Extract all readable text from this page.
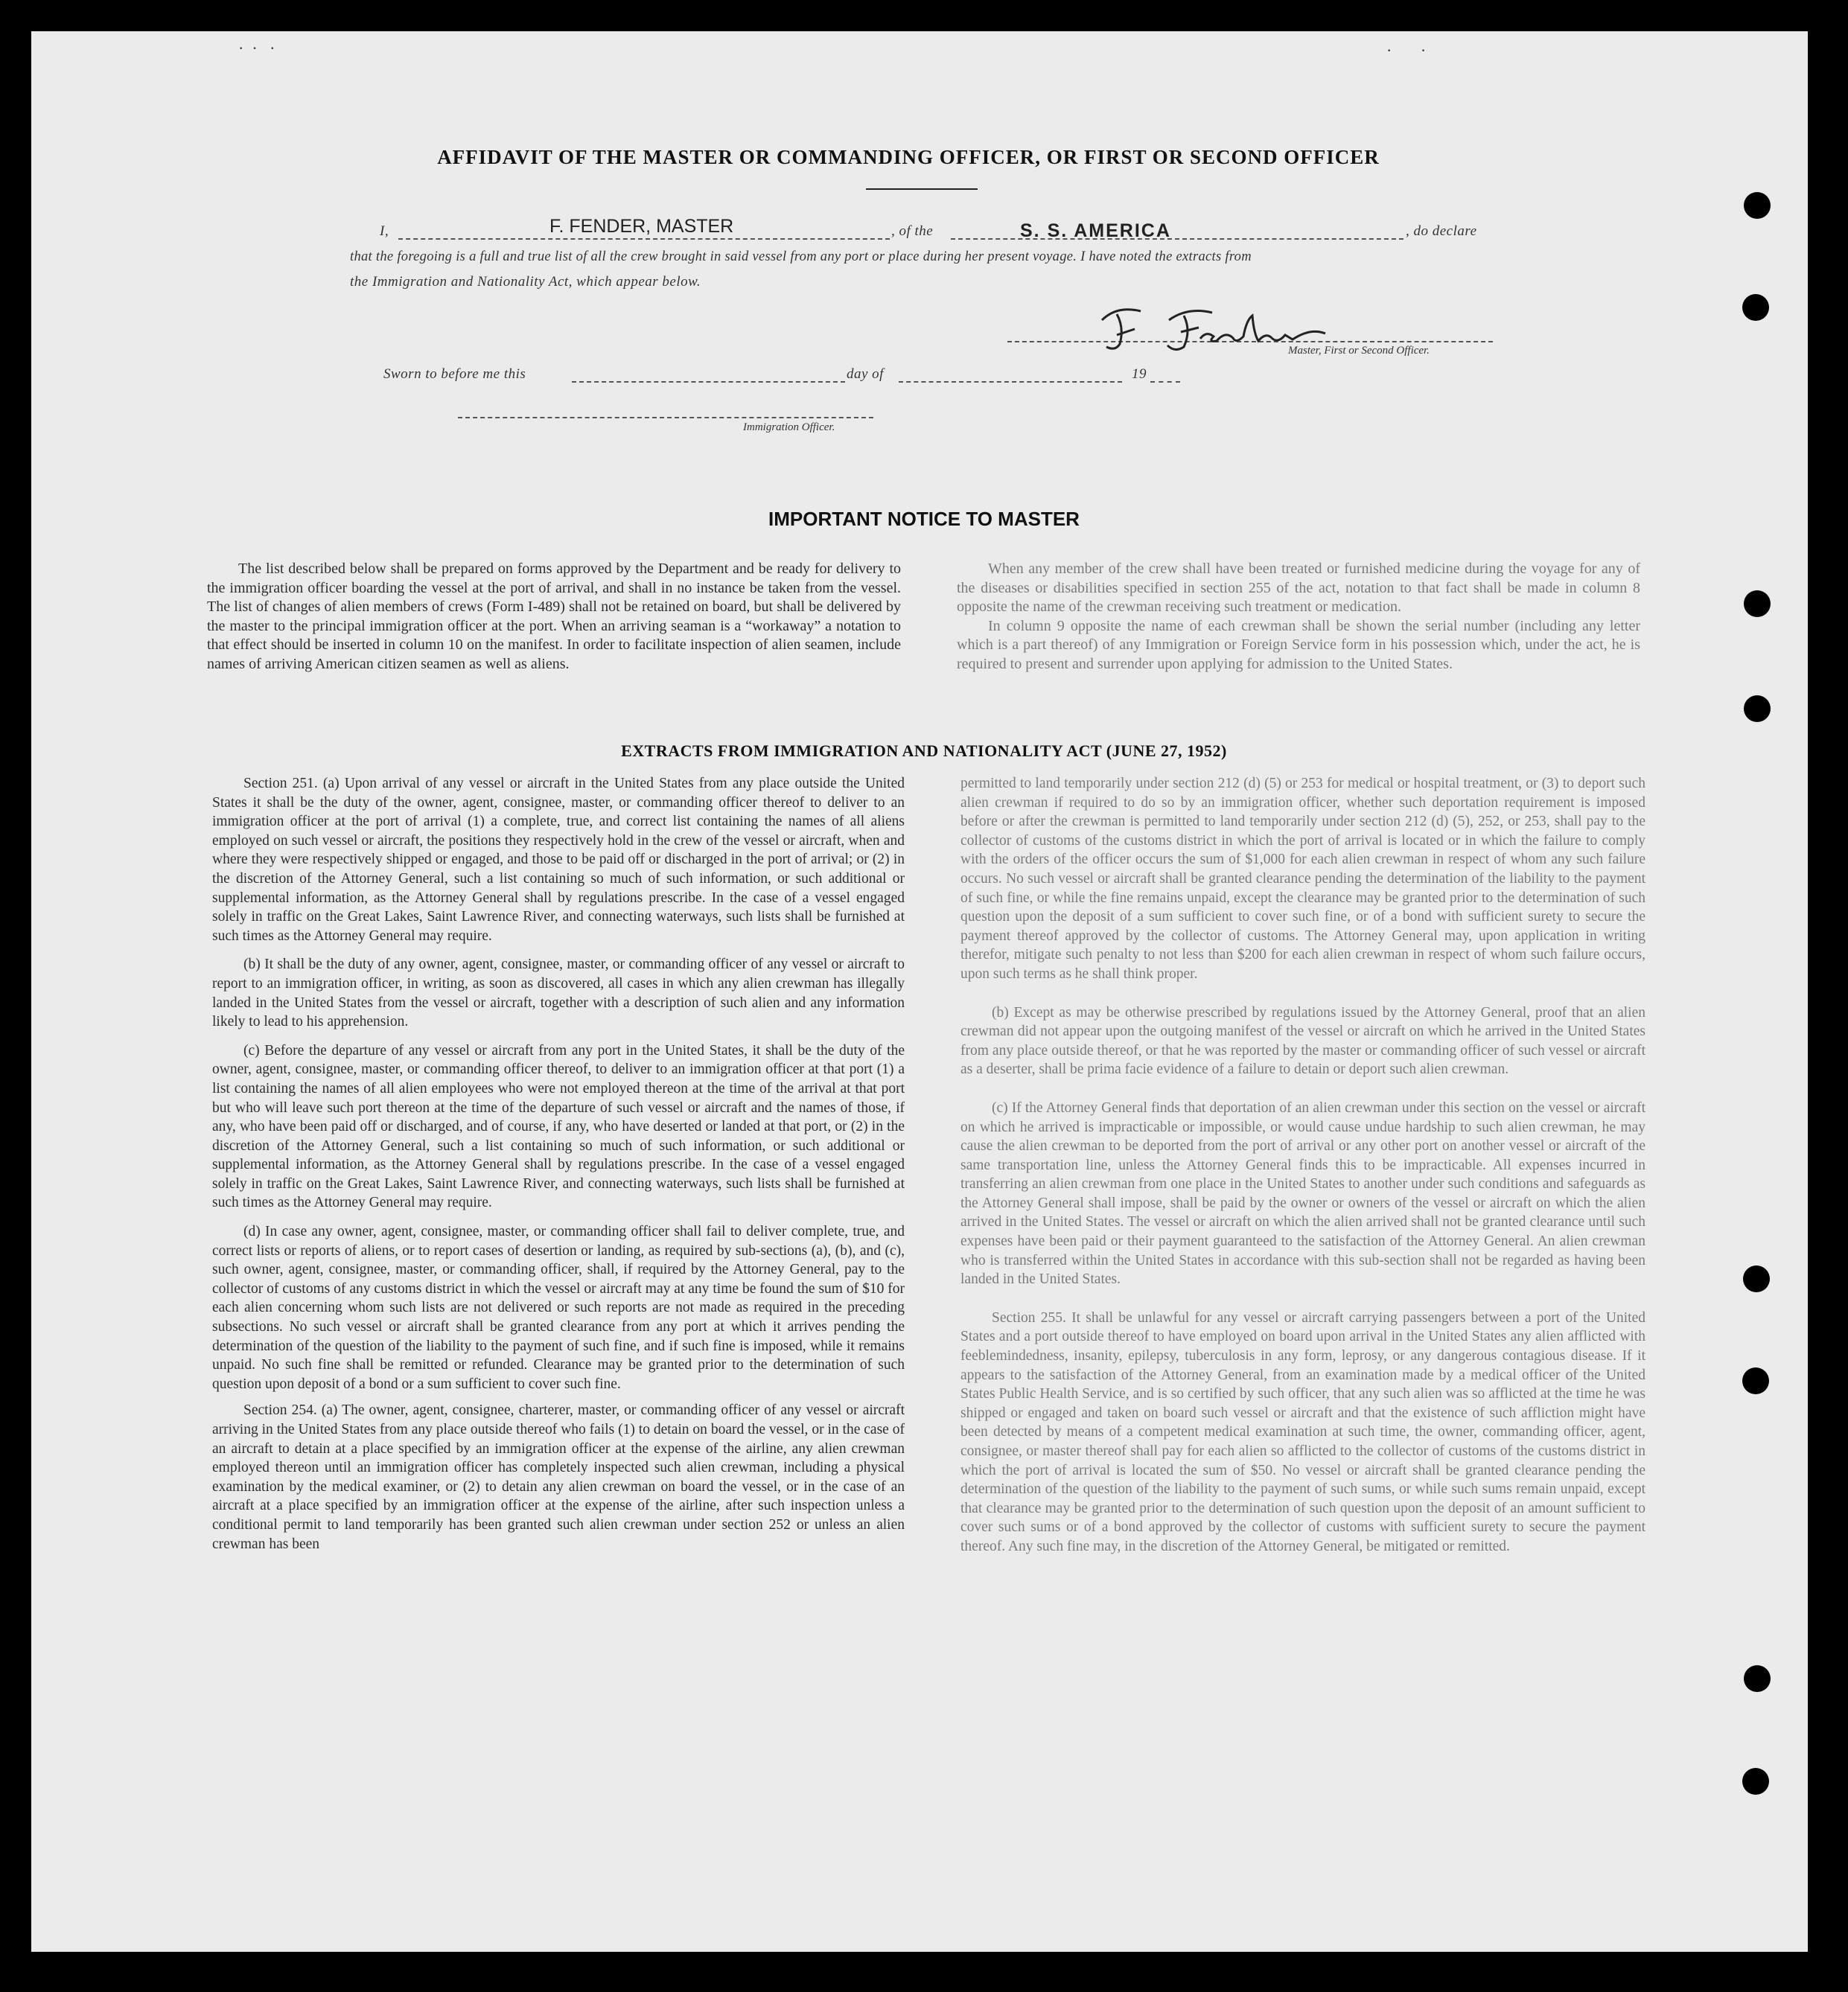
·  ·   ·	·       ·
AFFIDAVIT OF THE MASTER OR COMMANDING OFFICER, OR FIRST OR SECOND OFFICER
I,	F. FENDER, MASTER	, of the	S. S. AMERICA	, do declare
that the foregoing is a full and true list of all the crew brought in said vessel from any port or place during her present voyage. I have noted the extracts from
the Immigration and Nationality Act, which appear below.
Master, First or Second Officer.
Sworn to before me this	day of	19
Immigration Officer.
IMPORTANT NOTICE TO MASTER

The list described below shall be prepared on forms approved by the Department and be ready for delivery to the immigration officer boarding the vessel at the port of arrival, and shall in no instance be taken from the vessel. The list of changes of alien members of crews (Form I-489) shall not be retained on board, but shall be delivered by the master to the principal immigration officer at the port. When an arriving seaman is a “workaway” a notation to that effect should be inserted in column 10 on the manifest. In order to facilitate inspection of alien seamen, include names of arriving American citizen seamen as well as aliens.

When any member of the crew shall have been treated or furnished medicine during the voyage for any of the diseases or disabilities specified in section 255 of the act, notation to that fact shall be made in column 8 opposite the name of the crewman receiving such treatment or medication.

In column 9 opposite the name of each crewman shall be shown the serial number (including any letter which is a part thereof) of any Immigration or Foreign Service form in his possession which, under the act, he is required to present and surrender upon applying for admission to the United States.

EXTRACTS FROM IMMIGRATION AND NATIONALITY ACT (JUNE 27, 1952)

Section 251. (a) Upon arrival of any vessel or aircraft in the United States from any place outside the United States it shall be the duty of the owner, agent, consignee, master, or commanding officer thereof to deliver to an immigration officer at the port of arrival (1) a complete, true, and correct list containing the names of all aliens employed on such vessel or aircraft, the positions they respectively hold in the crew of the vessel or aircraft, when and where they were respectively shipped or engaged, and those to be paid off or discharged in the port of arrival; or (2) in the discretion of the Attorney General, such a list containing so much of such information, or such additional or supplemental information, as the Attorney General shall by regulations prescribe. In the case of a vessel engaged solely in traffic on the Great Lakes, Saint Lawrence River, and connecting waterways, such lists shall be furnished at such times as the Attorney General may require.

(b) It shall be the duty of any owner, agent, consignee, master, or commanding officer of any vessel or aircraft to report to an immigration officer, in writing, as soon as discovered, all cases in which any alien crewman has illegally landed in the United States from the vessel or aircraft, together with a description of such alien and any information likely to lead to his apprehension.

(c) Before the departure of any vessel or aircraft from any port in the United States, it shall be the duty of the owner, agent, consignee, master, or commanding officer thereof, to deliver to an immigration officer at that port (1) a list containing the names of all alien employees who were not employed thereon at the time of the arrival at that port but who will leave such port thereon at the time of the departure of such vessel or aircraft and the names of those, if any, who have been paid off or discharged, and of course, if any, who have deserted or landed at that port, or (2) in the discretion of the Attorney General, such a list containing so much of such information, or such additional or supplemental information, as the Attorney General shall by regulations prescribe. In the case of a vessel engaged solely in traffic on the Great Lakes, Saint Lawrence River, and connecting waterways, such lists shall be furnished at such times as the Attorney General may require.

(d) In case any owner, agent, consignee, master, or commanding officer shall fail to deliver complete, true, and correct lists or reports of aliens, or to report cases of desertion or landing, as required by sub-sections (a), (b), and (c), such owner, agent, consignee, master, or commanding officer, shall, if required by the Attorney General, pay to the collector of customs of any customs district in which the vessel or aircraft may at any time be found the sum of $10 for each alien concerning whom such lists are not delivered or such reports are not made as required in the preceding subsections. No such vessel or aircraft shall be granted clearance from any port at which it arrives pending the determination of the question of the liability to the payment of such fine, and if such fine is imposed, while it remains unpaid. No such fine shall be remitted or refunded. Clearance may be granted prior to the determination of such question upon deposit of a bond or a sum sufficient to cover such fine.

Section 254. (a) The owner, agent, consignee, charterer, master, or commanding officer of any vessel or aircraft arriving in the United States from any place outside thereof who fails (1) to detain on board the vessel, or in the case of an aircraft to detain at a place specified by an immigration officer at the expense of the airline, any alien crewman employed thereon until an immigration officer has completely inspected such alien crewman, including a physical examination by the medical examiner, or (2) to detain any alien crewman on board the vessel, or in the case of an aircraft at a place specified by an immigration officer at the expense of the airline, after such inspection unless a conditional permit to land temporarily has been granted such alien crewman under section 252 or unless an alien crewman has been

permitted to land temporarily under section 212 (d) (5) or 253 for medical or hospital treatment, or (3) to deport such alien crewman if required to do so by an immigration officer, whether such deportation requirement is imposed before or after the crewman is permitted to land temporarily under section 212 (d) (5), 252, or 253, shall pay to the collector of customs of the customs district in which the port of arrival is located or in which the failure to comply with the orders of the officer occurs the sum of $1,000 for each alien crewman in respect of whom any such failure occurs. No such vessel or aircraft shall be granted clearance pending the determination of the liability to the payment of such fine, or while the fine remains unpaid, except the clearance may be granted prior to the determination of such question upon the deposit of a sum sufficient to cover such fine, or of a bond with sufficient surety to secure the payment thereof approved by the collector of customs. The Attorney General may, upon application in writing therefor, mitigate such penalty to not less than $200 for each alien crewman in respect of whom such failure occurs, upon such terms as he shall think proper.

(b) Except as may be otherwise prescribed by regulations issued by the Attorney General, proof that an alien crewman did not appear upon the outgoing manifest of the vessel or aircraft on which he arrived in the United States from any place outside thereof, or that he was reported by the master or commanding officer of such vessel or aircraft as a deserter, shall be prima facie evidence of a failure to detain or deport such alien crewman.

(c) If the Attorney General finds that deportation of an alien crewman under this section on the vessel or aircraft on which he arrived is impracticable or impossible, or would cause undue hardship to such alien crewman, he may cause the alien crewman to be deported from the port of arrival or any other port on another vessel or aircraft of the same transportation line, unless the Attorney General finds this to be impracticable. All expenses incurred in transferring an alien crewman from one place in the United States to another under such conditions and safeguards as the Attorney General shall impose, shall be paid by the owner or owners of the vessel or aircraft on which the alien arrived in the United States. The vessel or aircraft on which the alien arrived shall not be granted clearance until such expenses have been paid or their payment guaranteed to the satisfaction of the Attorney General. An alien crewman who is transferred within the United States in accordance with this sub-section shall not be regarded as having been landed in the United States.

Section 255. It shall be unlawful for any vessel or aircraft carrying passengers between a port of the United States and a port outside thereof to have employed on board upon arrival in the United States any alien afflicted with feeblemindedness, insanity, epilepsy, tuberculosis in any form, leprosy, or any dangerous contagious disease. If it appears to the satisfaction of the Attorney General, from an examination made by a medical officer of the United States Public Health Service, and is so certified by such officer, that any such alien was so afflicted at the time he was shipped or engaged and taken on board such vessel or aircraft and that the existence of such affliction might have been detected by means of a competent medical examination at such time, the owner, commanding officer, agent, consignee, or master thereof shall pay for each alien so afflicted to the collector of customs of the customs district in which the port of arrival is located the sum of $50. No vessel or aircraft shall be granted clearance pending the determination of the question of the liability to the payment of such sums, or while such sums remain unpaid, except that clearance may be granted prior to the determination of such question upon the deposit of an amount sufficient to cover such sums or of a bond approved by the collector of customs with sufficient surety to secure the payment thereof. Any such fine may, in the discretion of the Attorney General, be mitigated or remitted.
